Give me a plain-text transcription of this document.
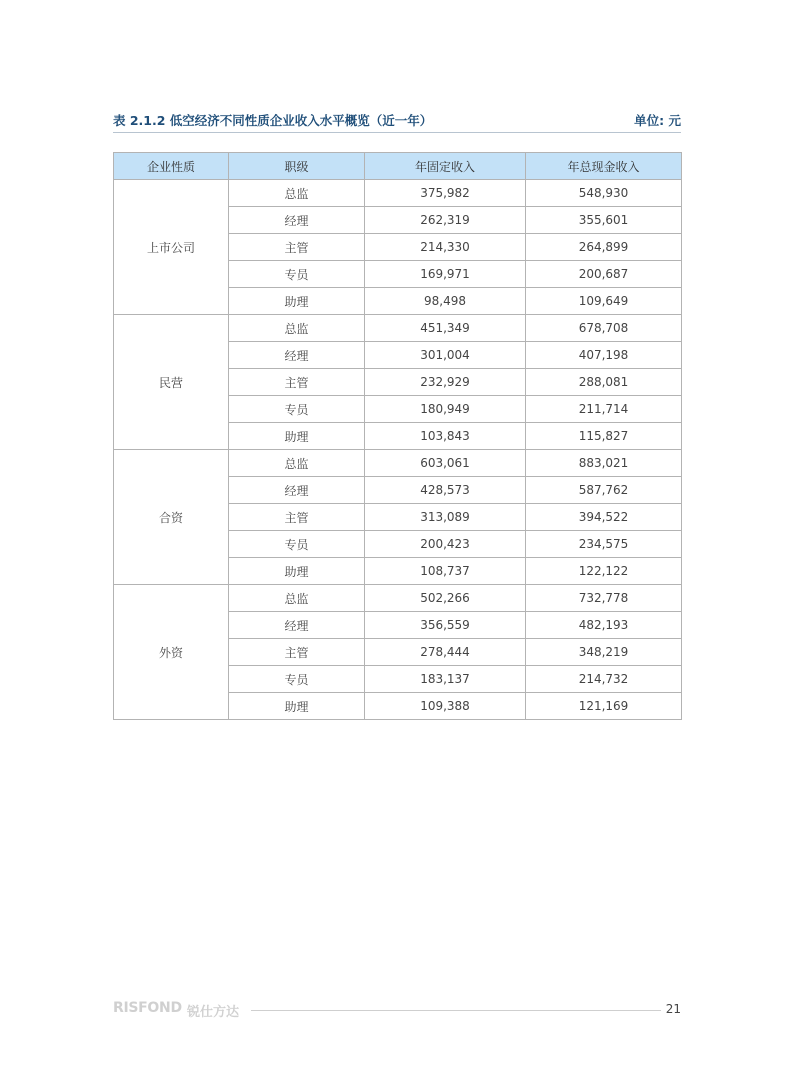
表 2.1.2 低空经济不同性质企业收入水平概览（近一年）	单位: 元
企业性质	职级	年固定收入	年总现金收入
上市公司	总监	375,982	548,930
	经理	262,319	355,601
	主管	214,330	264,899
	专员	169,971	200,687
	助理	98,498	109,649
民营	总监	451,349	678,708
	经理	301,004	407,198
	主管	232,929	288,081
	专员	180,949	211,714
	助理	103,843	115,827
合资	总监	603,061	883,021
	经理	428,573	587,762
	主管	313,089	394,522
	专员	200,423	234,575
	助理	108,737	122,122
外资	总监	502,266	732,778
	经理	356,559	482,193
	主管	278,444	348,219
	专员	183,137	214,732
	助理	109,388	121,169
RISFOND 锐仕方达	21
